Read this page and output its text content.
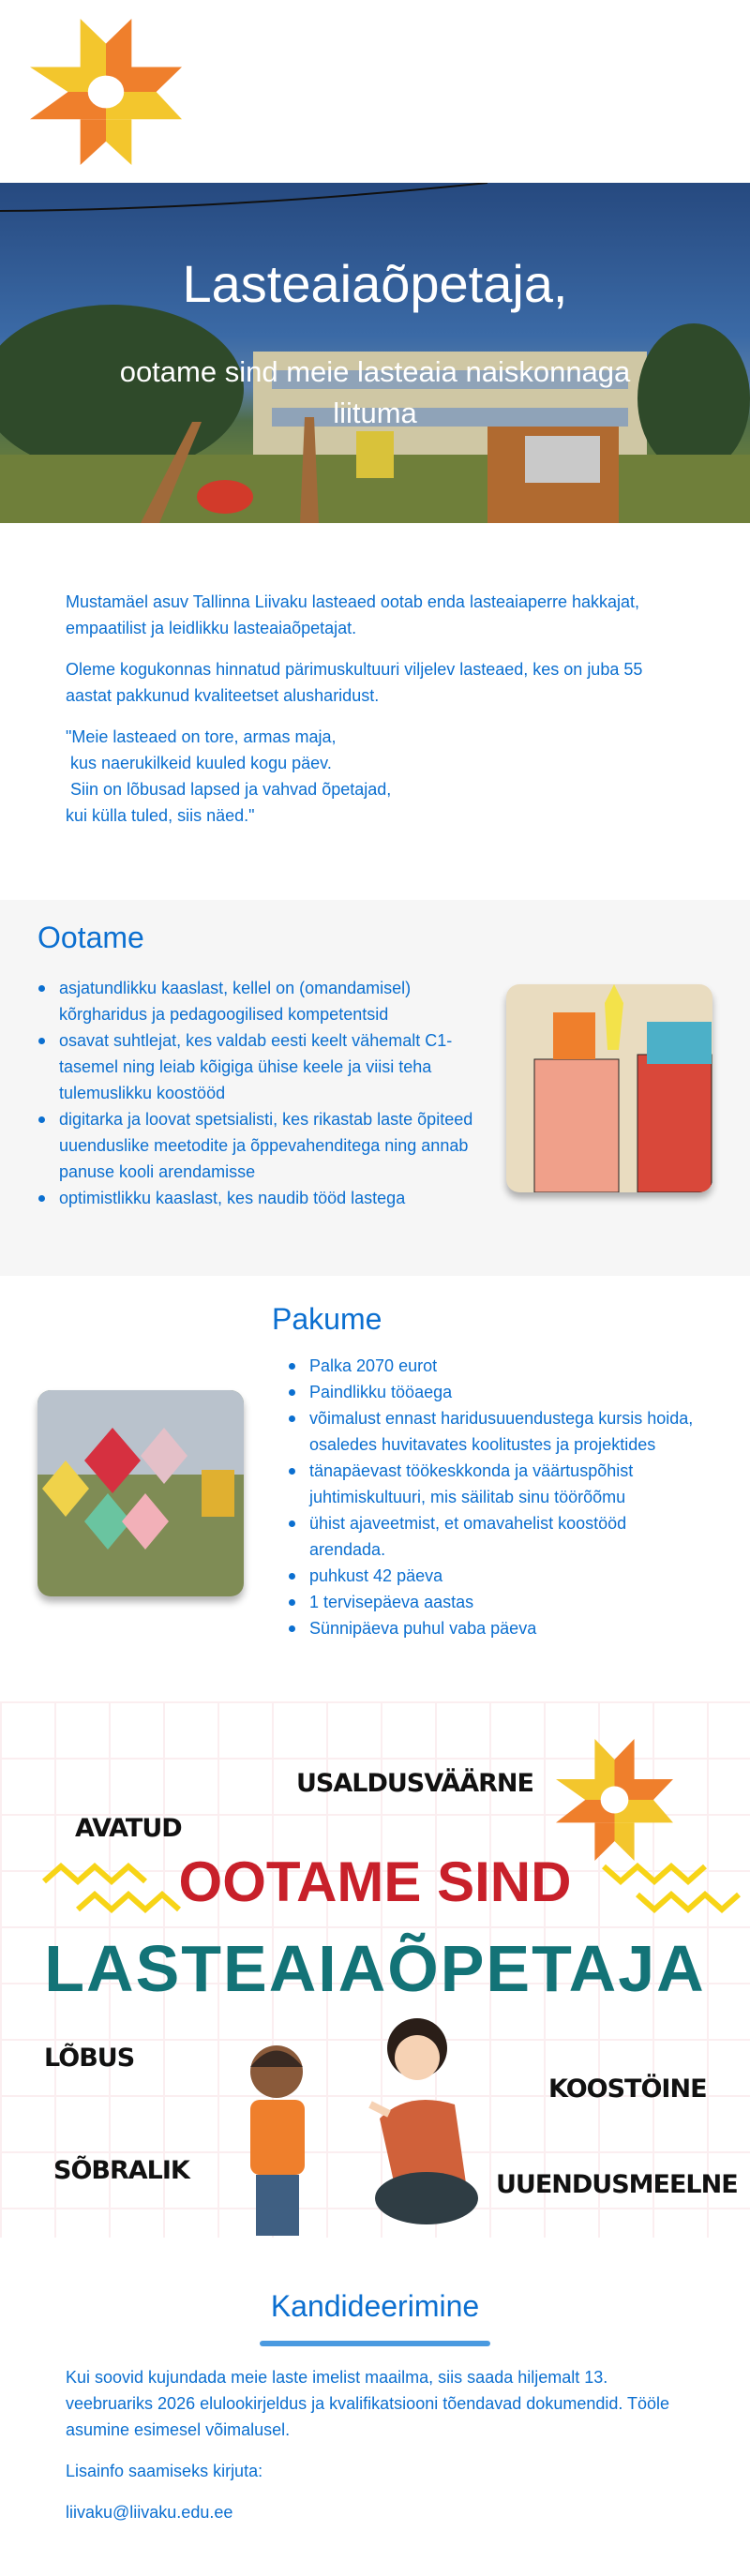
Lasteaiaõpetaja,
ootame sind meie lasteaia naiskonnaga liituma

Mustamäel asuv Tallinna Liivaku lasteaed ootab enda lasteaiaperre hakkajat, empaatilist ja leidlikku lasteaiaõpetajat.

Oleme kogukonnas hinnatud pärimuskultuuri viljelev lasteaed, kes on juba 55 aastat pakkunud kvaliteetset alusharidust.

"Meie lasteaed on tore, armas maja,
kus naerukilkeid kuuled kogu päev.
Siin on lõbusad lapsed ja vahvad õpetajad,
kui külla tuled, siis näed."

Ootame
asjatundlikku kaaslast, kellel on (omandamisel) kõrgharidus ja pedagoogilised kompetentsid
osavat suhtlejat, kes valdab eesti keelt vähemalt C1-tasemel ning leiab kõigiga ühise keele ja viisi teha tulemuslikku koostööd
digitarka ja loovat spetsialisti, kes rikastab laste õpiteed uuenduslike meetodite ja õppevahenditega ning annab panuse kooli arendamisse
optimistlikku kaaslast, kes naudib tööd lastega
Pakume
Palka 2070 eurot
Paindlikku tööaega
võimalust ennast haridusuuendustega kursis hoida, osaledes huvitavates koolitustes ja projektides
tänapäevast töökeskkonda ja väärtuspõhist juhtimiskultuuri, mis säilitab sinu töörõõmu
ühist ajaveetmist, et omavahelist koostööd arendada.
puhkust 42 päeva
1 tervisepäeva aastas
Sünnipäeva puhul vaba päeva
USALDUSVÄÄRNE
AVATUD
LÕBUS
KOOSTÖINE
SÕBRALIK	UUENDUSMEELNE
OOTAME SIND
LASTEAIAÕPETAJA
Kandideerimine

Kui soovid kujundada meie laste imelist maailma, siis saada hiljemalt 13. veebruariks 2026 elulookirjeldus ja kvalifikatsiooni tõendavad dokumendid. Tööle asumine esimesel võimalusel.

Lisainfo saamiseks kirjuta:

liivaku@liivaku.edu.ee
